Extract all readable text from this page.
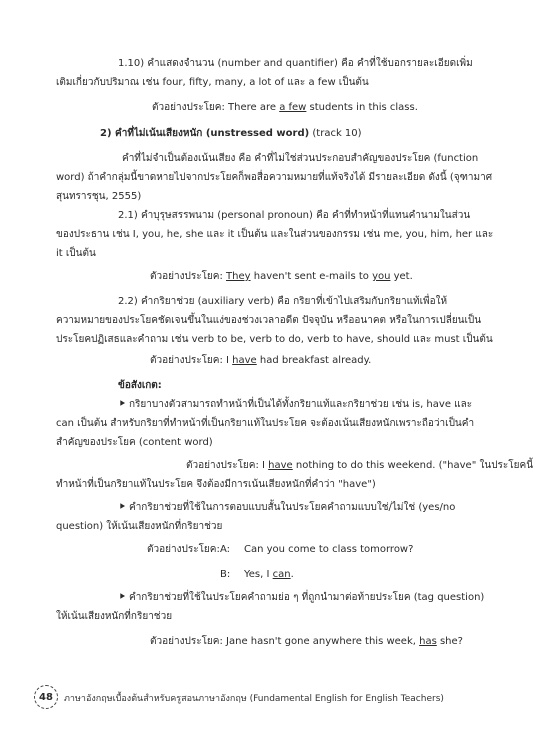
1.10) คำแสดงจำนวน (number and quantifier) คือ คำที่ใช้บอกรายละเอียดเพิ่ม
เติมเกี่ยวกับปริมาณ เช่น four, fifty, many, a lot of และ a few เป็นต้น
ตัวอย่างประโยค: There are a few students in this class.
2) คำที่ไม่เน้นเสียงหนัก (unstressed word) (track 10)
คำที่ไม่จำเป็นต้องเน้นเสียง คือ คำที่ไม่ใช่ส่วนประกอบสำคัญของประโยค (function
word) ถ้าคำกลุ่มนี้ขาดหายไปจากประโยคก็พอสื่อความหมายที่แท้จริงได้ มีรายละเอียด ดังนี้ (จุฑามาศ
สุนทรารชุน, 2555)
2.1) คำบุรุษสรรพนาม (personal pronoun) คือ คำที่ทำหน้าที่แทนคำนามในส่วน
ของประธาน เช่น I, you, he, she และ it เป็นต้น และในส่วนของกรรม เช่น me, you, him, her และ
it เป็นต้น
ตัวอย่างประโยค: They haven't sent e-mails to you yet.
2.2) คำกริยาช่วย (auxiliary verb) คือ กริยาที่เข้าไปเสริมกับกริยาแท้เพื่อให้
ความหมายของประโยคชัดเจนขึ้นในแง่ของช่วงเวลาอดีต ปัจจุบัน หรืออนาคต หรือในการเปลี่ยนเป็น
ประโยคปฏิเสธและคำถาม เช่น verb to be, verb to do, verb to have, should และ must เป็นต้น
ตัวอย่างประโยค: I have had breakfast already.
ข้อสังเกต:
⯈ กริยาบางตัวสามารถทำหน้าที่เป็นได้ทั้งกริยาแท้และกริยาช่วย เช่น is, have และ
can เป็นต้น สำหรับกริยาที่ทำหน้าที่เป็นกริยาแท้ในประโยค จะต้องเน้นเสียงหนักเพราะถือว่าเป็นคำ
สำคัญของประโยค (content word)
ตัวอย่างประโยค: I have nothing to do this weekend. ("have" ในประโยคนี้
ทำหน้าที่เป็นกริยาแท้ในประโยค จึงต้องมีการเน้นเสียงหนักที่คำว่า "have")
⯈ คำกริยาช่วยที่ใช้ในการตอบแบบสั้นในประโยคคำถามแบบใช่/ไม่ใช่ (yes/no
question) ให้เน้นเสียงหนักที่กริยาช่วย
ตัวอย่างประโยค: A: Can you come to class tomorrow?
B: Yes, I can.
⯈ คำกริยาช่วยที่ใช้ในประโยคคำถามย่อ ๆ ที่ถูกนำมาต่อท้ายประโยค (tag question)
ให้เน้นเสียงหนักที่กริยาช่วย
ตัวอย่างประโยค: Jane hasn't gone anywhere this week, has she?
48	ภาษาอังกฤษเบื้องต้นสำหรับครูสอนภาษาอังกฤษ (Fundamental English for English Teachers)
